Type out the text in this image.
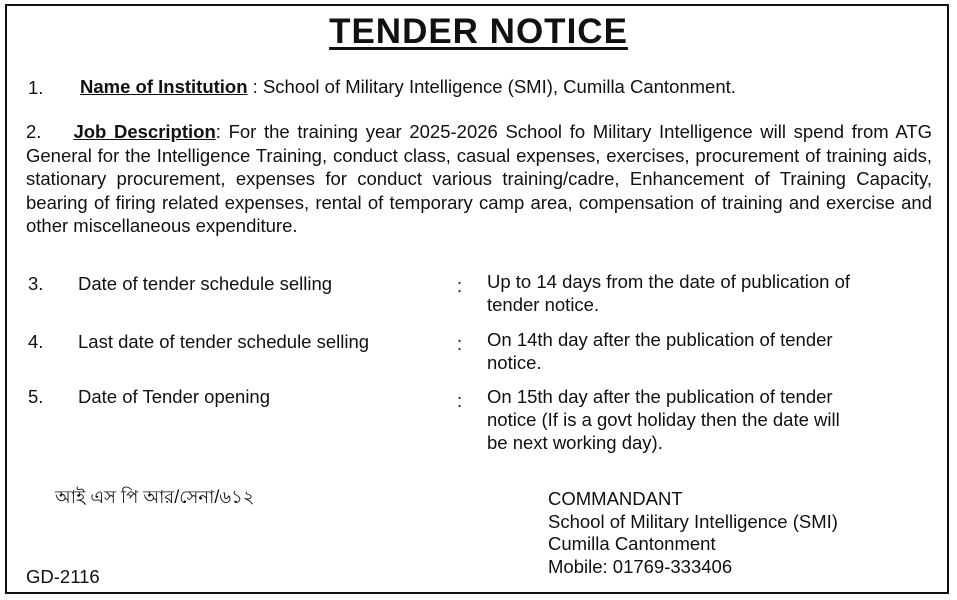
TENDER NOTICE
1. Name of Institution : School of Military Intelligence (SMI), Cumilla Cantonment.
2. Job Description: For the training year 2025-2026 School fo Military Intelligence will spend from ATG General for the Intelligence Training, conduct class, casual expenses, exercises, procurement of training aids, stationary procurement, expenses for conduct various training/cadre, Enhancement of Training Capacity, bearing of firing related expenses, rental of temporary camp area, compensation of training and exercise and other miscellaneous expenditure.
3. Date of tender schedule selling	: Up to 14 days from the date of publication of
tender notice.
4. Last date of tender schedule selling	: On 14th day after the publication of tender
notice.
5. Date of Tender opening	: On 15th day after the publication of tender
notice (If is a govt holiday then the date will
be next working day).
আই এস পি আর/সেনা/৬১২	COMMANDANT
School of Military Intelligence (SMI)
Cumilla Cantonment
Mobile: 01769-333406
GD-2116
